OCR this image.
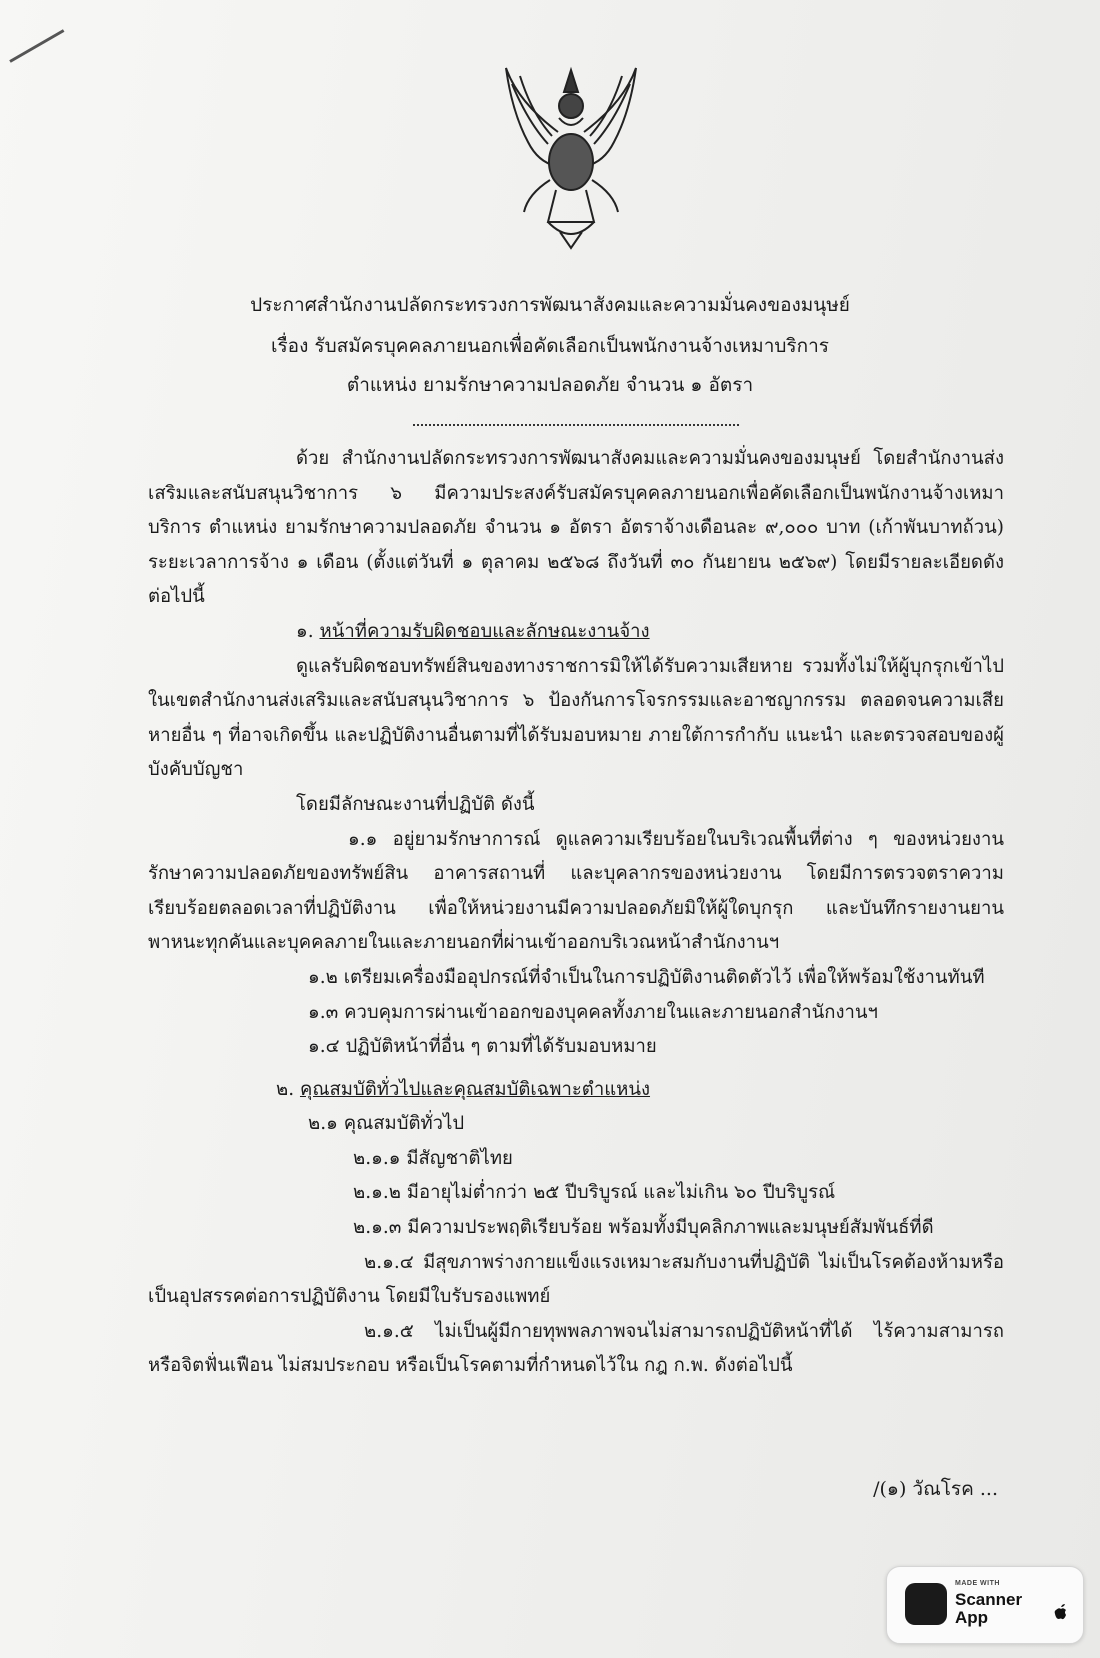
ประกาศสำนักงานปลัดกระทรวงการพัฒนาสังคมและความมั่นคงของมนุษย์
เรื่อง รับสมัครบุคคลภายนอกเพื่อคัดเลือกเป็นพนักงานจ้างเหมาบริการ
ตำแหน่ง ยามรักษาความปลอดภัย จำนวน ๑ อัตรา

ด้วย สำนักงานปลัดกระทรวงการพัฒนาสังคมและความมั่นคงของมนุษย์ โดยสำนักงานส่งเสริมและสนับสนุนวิชาการ ๖ มีความประสงค์รับสมัครบุคคลภายนอกเพื่อคัดเลือกเป็นพนักงานจ้างเหมาบริการ ตำแหน่ง ยามรักษาความปลอดภัย จำนวน ๑ อัตรา อัตราจ้างเดือนละ ๙,๐๐๐ บาท (เก้าพันบาทถ้วน) ระยะเวลาการจ้าง ๑ เดือน (ตั้งแต่วันที่ ๑ ตุลาคม ๒๕๖๘ ถึงวันที่ ๓๐ กันยายน ๒๕๖๙) โดยมีรายละเอียดดังต่อไปนี้

๑. หน้าที่ความรับผิดชอบและลักษณะงานจ้าง

ดูแลรับผิดชอบทรัพย์สินของทางราชการมิให้ได้รับความเสียหาย รวมทั้งไม่ให้ผู้บุกรุกเข้าไปในเขตสำนักงานส่งเสริมและสนับสนุนวิชาการ ๖ ป้องกันการโจรกรรมและอาชญากรรม ตลอดจนความเสียหายอื่น ๆ ที่อาจเกิดขึ้น และปฏิบัติงานอื่นตามที่ได้รับมอบหมาย ภายใต้การกำกับ แนะนำ และตรวจสอบของผู้บังคับบัญชา

โดยมีลักษณะงานที่ปฏิบัติ ดังนี้

๑.๑ อยู่ยามรักษาการณ์ ดูแลความเรียบร้อยในบริเวณพื้นที่ต่าง ๆ ของหน่วยงาน รักษาความปลอดภัยของทรัพย์สิน อาคารสถานที่ และบุคลากรของหน่วยงาน โดยมีการตรวจตราความเรียบร้อยตลอดเวลาที่ปฏิบัติงาน เพื่อให้หน่วยงานมีความปลอดภัยมิให้ผู้ใดบุกรุก และบันทึกรายงานยานพาหนะทุกคันและบุคคลภายในและภายนอกที่ผ่านเข้าออกบริเวณหน้าสำนักงานฯ

๑.๒ เตรียมเครื่องมืออุปกรณ์ที่จำเป็นในการปฏิบัติงานติดตัวไว้ เพื่อให้พร้อมใช้งานทันที

๑.๓ ควบคุมการผ่านเข้าออกของบุคคลทั้งภายในและภายนอกสำนักงานฯ

๑.๔ ปฏิบัติหน้าที่อื่น ๆ ตามที่ได้รับมอบหมาย

๒. คุณสมบัติทั่วไปและคุณสมบัติเฉพาะตำแหน่ง

๒.๑ คุณสมบัติทั่วไป

๒.๑.๑ มีสัญชาติไทย

๒.๑.๒ มีอายุไม่ต่ำกว่า ๒๕ ปีบริบูรณ์ และไม่เกิน ๖๐ ปีบริบูรณ์

๒.๑.๓ มีความประพฤติเรียบร้อย พร้อมทั้งมีบุคลิกภาพและมนุษย์สัมพันธ์ที่ดี

๒.๑.๔ มีสุขภาพร่างกายแข็งแรงเหมาะสมกับงานที่ปฏิบัติ ไม่เป็นโรคต้องห้ามหรือเป็นอุปสรรคต่อการปฏิบัติงาน โดยมีใบรับรองแพทย์

๒.๑.๕ ไม่เป็นผู้มีกายทุพพลภาพจนไม่สามารถปฏิบัติหน้าที่ได้ ไร้ความสามารถหรือจิตฟั่นเฟือน ไม่สมประกอบ หรือเป็นโรคตามที่กำหนดไว้ใน กฎ ก.พ. ดังต่อไปนี้

/(๑) วัณโรค ...
MADE WITH
Scanner
App
